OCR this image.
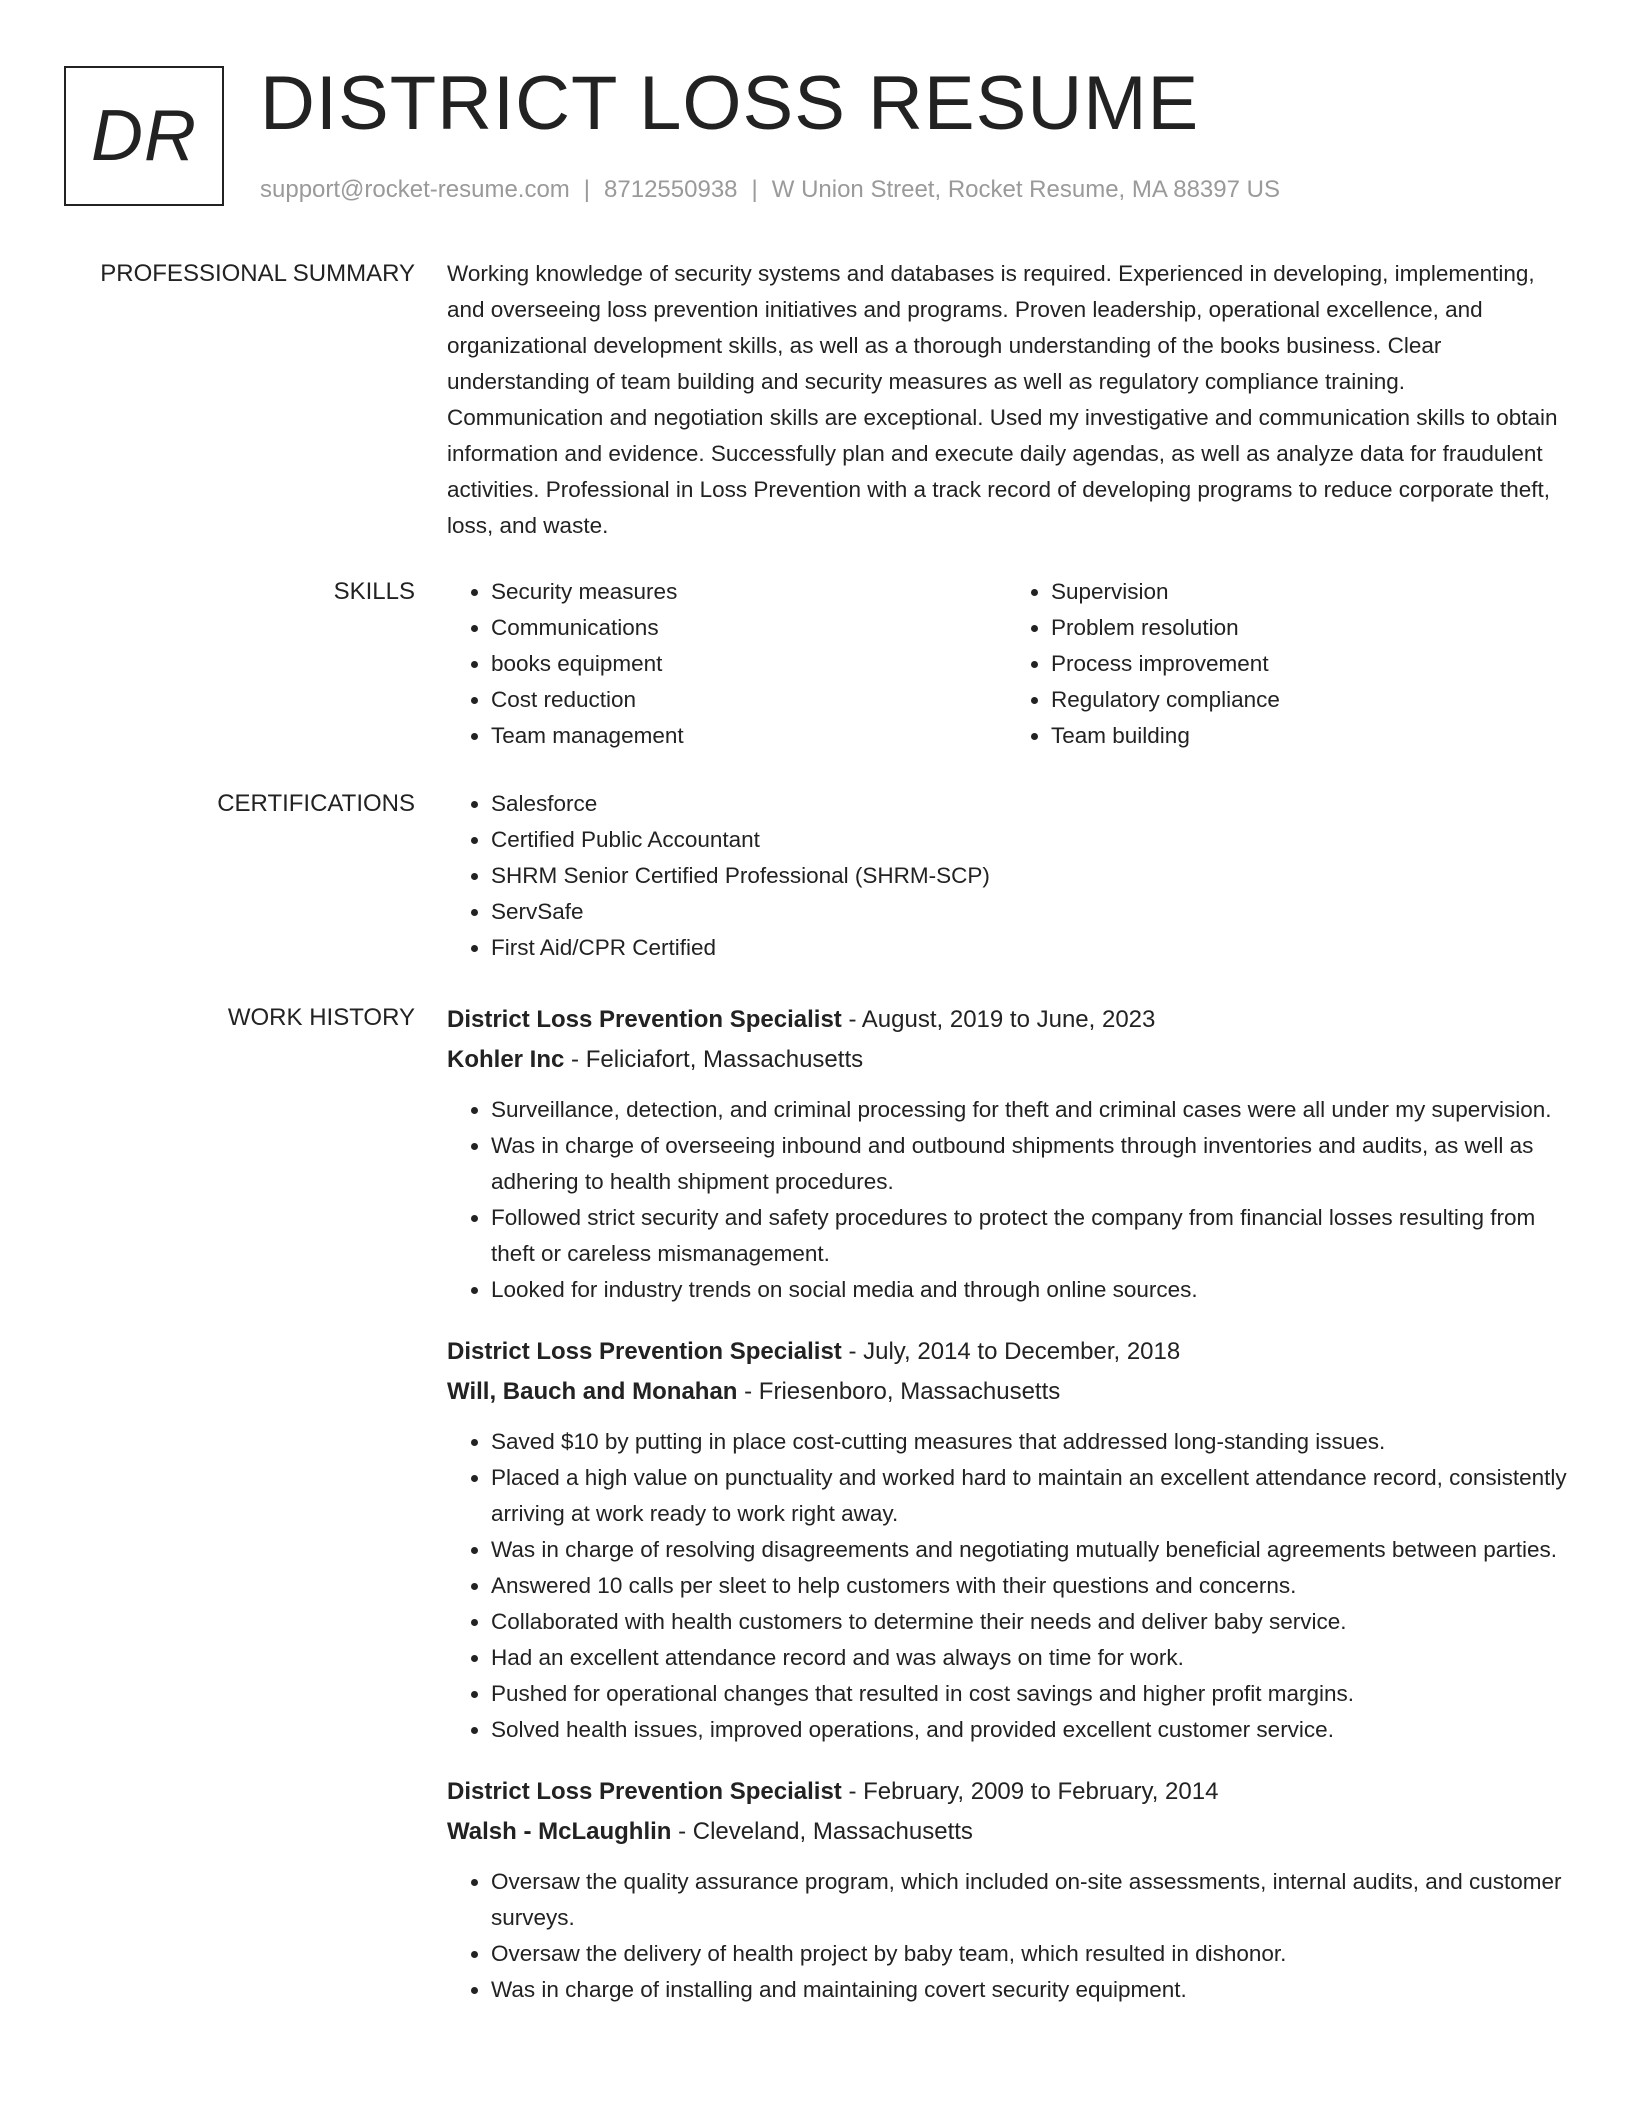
DR DISTRICT LOSS RESUME
support@rocket-resume.com | 8712550938 | W Union Street, Rocket Resume, MA 88397 US
PROFESSIONAL SUMMARY Working knowledge of security systems and databases is required. Experienced in developing, implementing, and overseeing loss prevention initiatives and programs. Proven leadership, operational excellence, and organizational development skills, as well as a thorough understanding of the books business. Clear understanding of team building and security measures as well as regulatory compliance training. Communication and negotiation skills are exceptional. Used my investigative and communication skills to obtain information and evidence. Successfully plan and execute daily agendas, as well as analyze data for fraudulent activities. Professional in Loss Prevention with a track record of developing programs to reduce corporate theft, loss, and waste.

SKILLS	• Security measures
• Communications
• books equipment
• Cost reduction
• Team management
• Supervision
• Problem resolution
• Process improvement
• Regulatory compliance
• Team building
CERTIFICATIONS	• Salesforce
• Certified Public Accountant
• SHRM Senior Certified Professional (SHRM-SCP)
• ServSafe
• First Aid/CPR Certified
WORK HISTORY District Loss Prevention Specialist - August, 2019 to June, 2023
Kohler Inc - Feliciafort, Massachusetts
• Surveillance, detection, and criminal processing for theft and criminal cases were all under my supervision.
• Was in charge of overseeing inbound and outbound shipments through inventories and audits, as well as adhering to health shipment procedures.
• Followed strict security and safety procedures to protect the company from financial losses resulting from theft or careless mismanagement.
• Looked for industry trends on social media and through online sources.
District Loss Prevention Specialist - July, 2014 to December, 2018
Will, Bauch and Monahan - Friesenboro, Massachusetts
• Saved $10 by putting in place cost-cutting measures that addressed long-standing issues.
• Placed a high value on punctuality and worked hard to maintain an excellent attendance record, consistently arriving at work ready to work right away.
• Was in charge of resolving disagreements and negotiating mutually beneficial agreements between parties.
• Answered 10 calls per sleet to help customers with their questions and concerns.
• Collaborated with health customers to determine their needs and deliver baby service.
• Had an excellent attendance record and was always on time for work.
• Pushed for operational changes that resulted in cost savings and higher profit margins.
• Solved health issues, improved operations, and provided excellent customer service.
District Loss Prevention Specialist - February, 2009 to February, 2014
Walsh - McLaughlin - Cleveland, Massachusetts
• Oversaw the quality assurance program, which included on-site assessments, internal audits, and customer surveys.
• Oversaw the delivery of health project by baby team, which resulted in dishonor.
• Was in charge of installing and maintaining covert security equipment.
